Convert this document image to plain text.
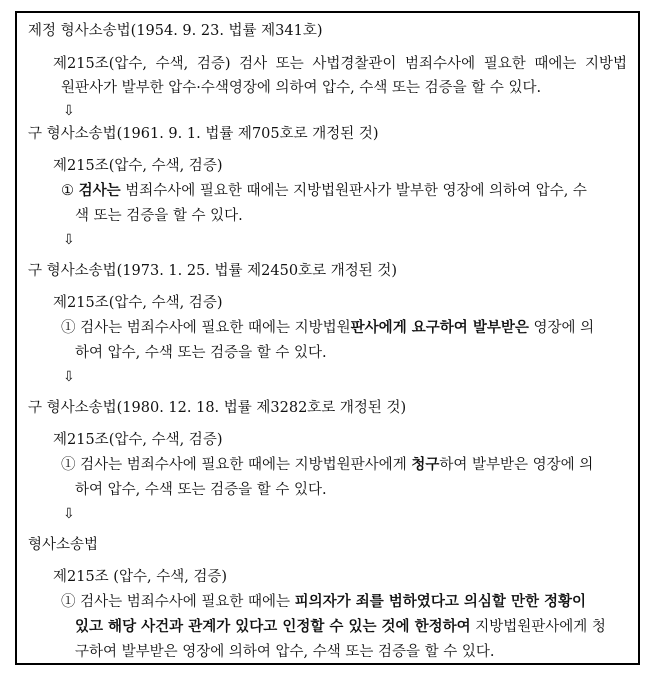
제정 형사소송법(1954. 9. 23. 법률 제341호)
제215조(압수, 수색, 검증) 검사 또는 사법경찰관이 범죄수사에 필요한 때에는 지방법
원판사가 발부한 압수·수색영장에 의하여 압수, 수색 또는 검증을 할 수 있다.
⇩
구 형사소송법(1961. 9. 1. 법률 제705호로 개정된 것)
제215조(압수, 수색, 검증)
① 검사는 범죄수사에 필요한 때에는 지방법원판사가 발부한 영장에 의하여 압수, 수
색 또는 검증을 할 수 있다.
⇩
구 형사소송법(1973. 1. 25. 법률 제2450호로 개정된 것)
제215조(압수, 수색, 검증)
① 검사는 범죄수사에 필요한 때에는 지방법원판사에게 요구하여 발부받은 영장에 의
하여 압수, 수색 또는 검증을 할 수 있다.
⇩
구 형사소송법(1980. 12. 18. 법률 제3282호로 개정된 것)
제215조(압수, 수색, 검증)
① 검사는 범죄수사에 필요한 때에는 지방법원판사에게 청구하여 발부받은 영장에 의
하여 압수, 수색 또는 검증을 할 수 있다.
⇩
형사소송법
제215조 (압수, 수색, 검증)
① 검사는 범죄수사에 필요한 때에는 피의자가 죄를 범하였다고 의심할 만한 정황이
있고 해당 사건과 관계가 있다고 인정할 수 있는 것에 한정하여 지방법원판사에게 청
구하여 발부받은 영장에 의하여 압수, 수색 또는 검증을 할 수 있다.
